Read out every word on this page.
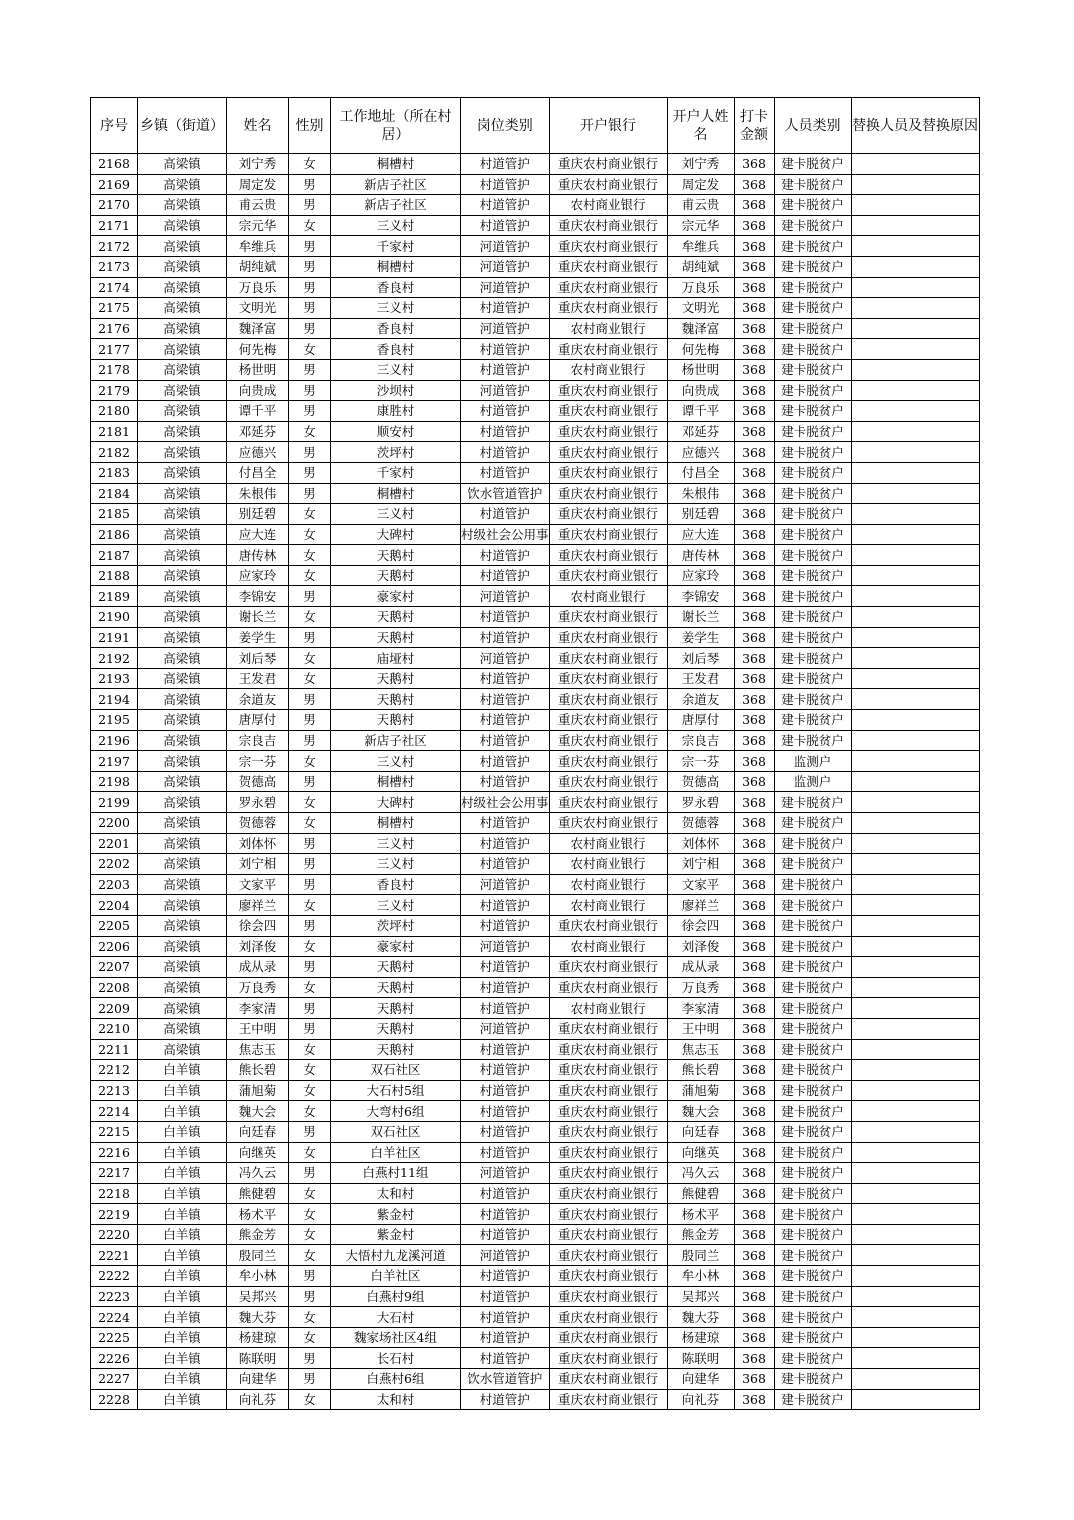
序号	乡镇（街道）	姓名	性别	工作地址（所在村居）	岗位类别	开户银行	开户人姓名	打卡金额	人员类别	替换人员及替换原因
2168	高梁镇	刘宁秀	女	桐槽村	村道管护	重庆农村商业银行	刘宁秀	368	建卡脱贫户	
2169	高梁镇	周定发	男	新店子社区	村道管护	重庆农村商业银行	周定发	368	建卡脱贫户	
2170	高梁镇	甫云贵	男	新店子社区	村道管护	农村商业银行	甫云贵	368	建卡脱贫户	
2171	高梁镇	宗元华	女	三义村	村道管护	重庆农村商业银行	宗元华	368	建卡脱贫户	
2172	高梁镇	牟维兵	男	千家村	河道管护	重庆农村商业银行	牟维兵	368	建卡脱贫户	
2173	高梁镇	胡纯斌	男	桐槽村	河道管护	重庆农村商业银行	胡纯斌	368	建卡脱贫户	
2174	高梁镇	万良乐	男	香良村	河道管护	重庆农村商业银行	万良乐	368	建卡脱贫户	
2175	高梁镇	文明光	男	三义村	村道管护	重庆农村商业银行	文明光	368	建卡脱贫户	
2176	高梁镇	魏泽富	男	香良村	河道管护	农村商业银行	魏泽富	368	建卡脱贫户	
2177	高梁镇	何先梅	女	香良村	村道管护	重庆农村商业银行	何先梅	368	建卡脱贫户	
2178	高梁镇	杨世明	男	三义村	村道管护	农村商业银行	杨世明	368	建卡脱贫户	
2179	高梁镇	向贵成	男	沙坝村	河道管护	重庆农村商业银行	向贵成	368	建卡脱贫户	
2180	高梁镇	谭千平	男	康胜村	村道管护	重庆农村商业银行	谭千平	368	建卡脱贫户	
2181	高梁镇	邓延芬	女	顺安村	村道管护	重庆农村商业银行	邓延芬	368	建卡脱贫户	
2182	高梁镇	应德兴	男	茨坪村	村道管护	重庆农村商业银行	应德兴	368	建卡脱贫户	
2183	高梁镇	付昌全	男	千家村	村道管护	重庆农村商业银行	付昌全	368	建卡脱贫户	
2184	高梁镇	朱根伟	男	桐槽村	饮水管道管护	重庆农村商业银行	朱根伟	368	建卡脱贫户	
2185	高梁镇	别廷碧	女	三义村	村道管护	重庆农村商业银行	别廷碧	368	建卡脱贫户	
2186	高梁镇	应大连	女	大碑村	村级社会公用事	重庆农村商业银行	应大连	368	建卡脱贫户	
2187	高梁镇	唐传林	女	天鹅村	村道管护	重庆农村商业银行	唐传林	368	建卡脱贫户	
2188	高梁镇	应家玲	女	天鹅村	村道管护	重庆农村商业银行	应家玲	368	建卡脱贫户	
2189	高梁镇	李锦安	男	豪家村	河道管护	农村商业银行	李锦安	368	建卡脱贫户	
2190	高梁镇	谢长兰	女	天鹅村	村道管护	重庆农村商业银行	谢长兰	368	建卡脱贫户	
2191	高梁镇	姜学生	男	天鹅村	村道管护	重庆农村商业银行	姜学生	368	建卡脱贫户	
2192	高梁镇	刘后琴	女	庙垭村	河道管护	重庆农村商业银行	刘后琴	368	建卡脱贫户	
2193	高梁镇	王发君	女	天鹅村	村道管护	重庆农村商业银行	王发君	368	建卡脱贫户	
2194	高梁镇	余道友	男	天鹅村	村道管护	重庆农村商业银行	余道友	368	建卡脱贫户	
2195	高梁镇	唐厚付	男	天鹅村	村道管护	重庆农村商业银行	唐厚付	368	建卡脱贫户	
2196	高梁镇	宗良吉	男	新店子社区	村道管护	重庆农村商业银行	宗良吉	368	建卡脱贫户	
2197	高梁镇	宗一芬	女	三义村	村道管护	重庆农村商业银行	宗一芬	368	监测户	
2198	高梁镇	贺德高	男	桐槽村	村道管护	重庆农村商业银行	贺德高	368	监测户	
2199	高梁镇	罗永碧	女	大碑村	村级社会公用事	重庆农村商业银行	罗永碧	368	建卡脱贫户	
2200	高梁镇	贺德蓉	女	桐槽村	村道管护	重庆农村商业银行	贺德蓉	368	建卡脱贫户	
2201	高梁镇	刘体怀	男	三义村	村道管护	农村商业银行	刘体怀	368	建卡脱贫户	
2202	高梁镇	刘宁相	男	三义村	村道管护	农村商业银行	刘宁相	368	建卡脱贫户	
2203	高梁镇	文家平	男	香良村	河道管护	农村商业银行	文家平	368	建卡脱贫户	
2204	高梁镇	廖祥兰	女	三义村	村道管护	农村商业银行	廖祥兰	368	建卡脱贫户	
2205	高梁镇	徐会四	男	茨坪村	村道管护	重庆农村商业银行	徐会四	368	建卡脱贫户	
2206	高梁镇	刘泽俊	女	豪家村	河道管护	农村商业银行	刘泽俊	368	建卡脱贫户	
2207	高梁镇	成从录	男	天鹅村	村道管护	重庆农村商业银行	成从录	368	建卡脱贫户	
2208	高梁镇	万良秀	女	天鹅村	村道管护	重庆农村商业银行	万良秀	368	建卡脱贫户	
2209	高梁镇	李家清	男	天鹅村	村道管护	农村商业银行	李家清	368	建卡脱贫户	
2210	高梁镇	王中明	男	天鹅村	河道管护	重庆农村商业银行	王中明	368	建卡脱贫户	
2211	高梁镇	焦志玉	女	天鹅村	村道管护	重庆农村商业银行	焦志玉	368	建卡脱贫户	
2212	白羊镇	熊长碧	女	双石社区	村道管护	重庆农村商业银行	熊长碧	368	建卡脱贫户	
2213	白羊镇	蒲旭菊	女	大石村5组	村道管护	重庆农村商业银行	蒲旭菊	368	建卡脱贫户	
2214	白羊镇	魏大会	女	大弯村6组	村道管护	重庆农村商业银行	魏大会	368	建卡脱贫户	
2215	白羊镇	向廷春	男	双石社区	村道管护	重庆农村商业银行	向廷春	368	建卡脱贫户	
2216	白羊镇	向继英	女	白羊社区	村道管护	重庆农村商业银行	向继英	368	建卡脱贫户	
2217	白羊镇	冯久云	男	白燕村11组	河道管护	重庆农村商业银行	冯久云	368	建卡脱贫户	
2218	白羊镇	熊健碧	女	太和村	村道管护	重庆农村商业银行	熊健碧	368	建卡脱贫户	
2219	白羊镇	杨术平	女	紫金村	村道管护	重庆农村商业银行	杨术平	368	建卡脱贫户	
2220	白羊镇	熊金芳	女	紫金村	村道管护	重庆农村商业银行	熊金芳	368	建卡脱贫户	
2221	白羊镇	殷同兰	女	大悟村九龙溪河道	河道管护	重庆农村商业银行	殷同兰	368	建卡脱贫户	
2222	白羊镇	牟小林	男	白羊社区	村道管护	重庆农村商业银行	牟小林	368	建卡脱贫户	
2223	白羊镇	吴邦兴	男	白燕村9组	村道管护	重庆农村商业银行	吴邦兴	368	建卡脱贫户	
2224	白羊镇	魏大芬	女	大石村	村道管护	重庆农村商业银行	魏大芬	368	建卡脱贫户	
2225	白羊镇	杨建琼	女	魏家场社区4组	村道管护	重庆农村商业银行	杨建琼	368	建卡脱贫户	
2226	白羊镇	陈联明	男	长石村	村道管护	重庆农村商业银行	陈联明	368	建卡脱贫户	
2227	白羊镇	向建华	男	白燕村6组	饮水管道管护	重庆农村商业银行	向建华	368	建卡脱贫户	
2228	白羊镇	向礼芬	女	太和村	村道管护	重庆农村商业银行	向礼芬	368	建卡脱贫户	
